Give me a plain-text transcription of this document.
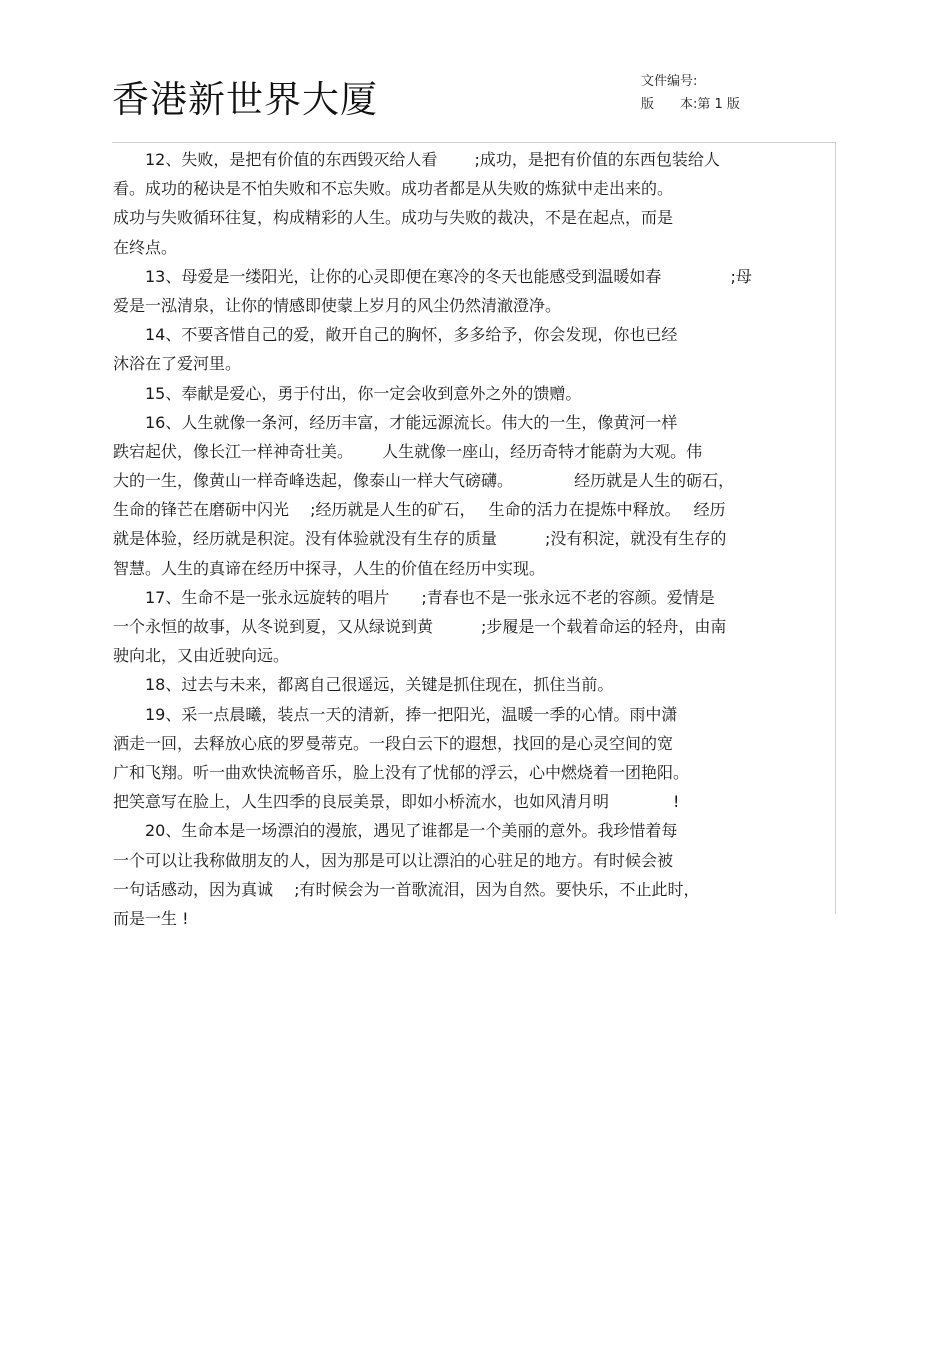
香港新世界大厦	文件编号:
版　　本:第 1 版
　　12、失败，是把有价值的东西毁灭给人看　　 ;成功，是把有价值的东西包装给人
看。成功的秘诀是不怕失败和不忘失败。成功者都是从失败的炼狱中走出来的。
成功与失败循环往复，构成精彩的人生。成功与失败的裁决，不是在起点，而是
在终点。
　　13、母爱是一缕阳光，让你的心灵即便在寒冷的冬天也能感受到温暖如春　　　　 ;母
爱是一泓清泉，让你的情感即使蒙上岁月的风尘仍然清澈澄净。
　　14、不要吝惜自己的爱，敞开自己的胸怀，多多给予，你会发现，你也已经
沐浴在了爱河里。
　　15、奉献是爱心，勇于付出，你一定会收到意外之外的馈赠。
　　16、人生就像一条河，经历丰富，才能远源流长。伟大的一生，像黄河一样
跌宕起伏，像长江一样神奇壮美。　　 人生就像一座山，经历奇特才能蔚为大观。伟
大的一生，像黄山一样奇峰迭起，像泰山一样大气磅礴。　　　　 经历就是人生的砺石，
生命的锋芒在磨砺中闪光　 ;经历就是人生的矿石，　 生命的活力在提炼中释放。　 经历
就是体验，经历就是积淀。没有体验就没有生存的质量　　　;没有积淀，就没有生存的
智慧。人生的真谛在经历中探寻，人生的价值在经历中实现。
　　17、生命不是一张永远旋转的唱片　　;青春也不是一张永远不老的容颜。爱情是
一个永恒的故事，从冬说到夏，又从绿说到黄　　　;步履是一个载着命运的轻舟，由南
驶向北，又由近驶向远。
　　18、过去与未来，都离自己很遥远，关键是抓住现在，抓住当前。
　　19、采一点晨曦，装点一天的清新，捧一把阳光，温暖一季的心情。雨中潇
洒走一回，去释放心底的罗曼蒂克。一段白云下的遐想，找回的是心灵空间的宽
广和飞翔。听一曲欢快流畅音乐，脸上没有了忧郁的浮云，心中燃烧着一团艳阳。
把笑意写在脸上，人生四季的良辰美景，即如小桥流水，也如风清月明　　　　!
　　20、生命本是一场漂泊的漫旅，遇见了谁都是一个美丽的意外。我珍惜着每
一个可以让我称做朋友的人，因为那是可以让漂泊的心驻足的地方。有时候会被
一句话感动，因为真诚　 ;有时候会为一首歌流泪，因为自然。要快乐，不止此时，
而是一生 !
